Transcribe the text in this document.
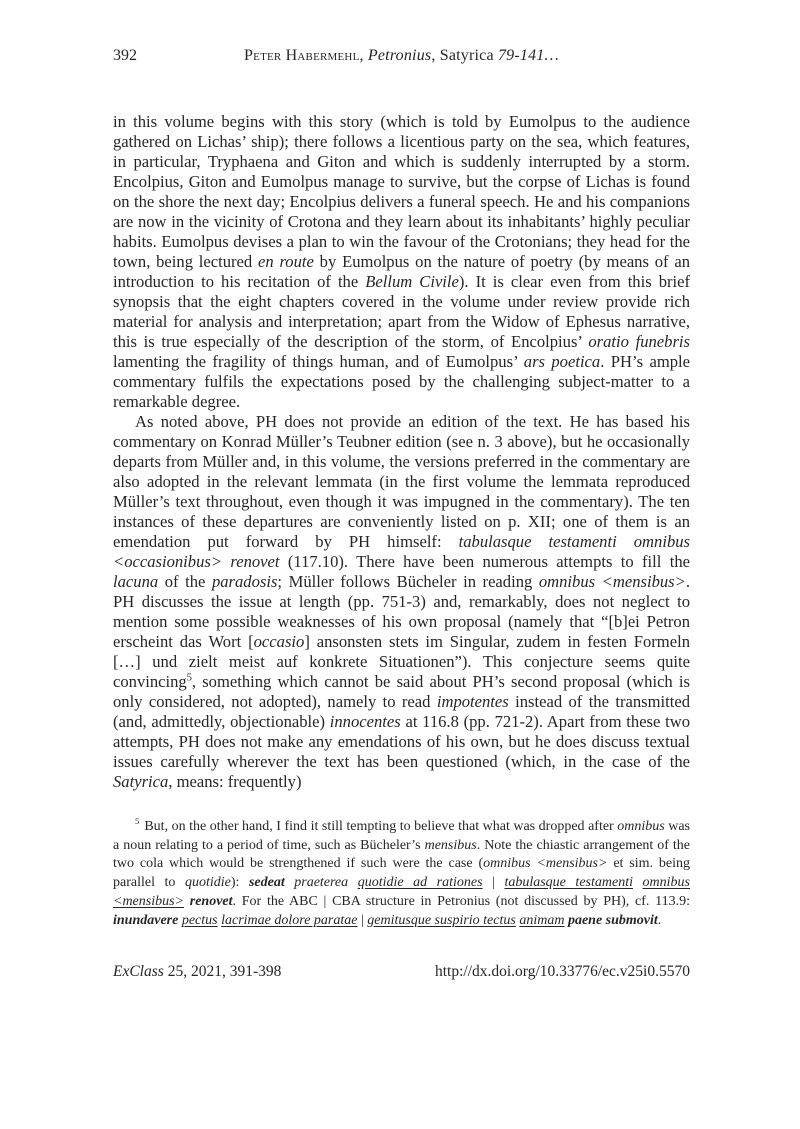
392	Peter Habermehl, Petronius, Satyrica 79-141…

in this volume begins with this story (which is told by Eumolpus to the audience gathered on Lichas’ ship); there follows a licentious party on the sea, which features, in particular, Tryphaena and Giton and which is suddenly interrupted by a storm. Encolpius, Giton and Eumolpus manage to survive, but the corpse of Lichas is found on the shore the next day; Encolpius delivers a funeral speech. He and his companions are now in the vicinity of Crotona and they learn about its inhabitants’ highly peculiar habits. Eumolpus devises a plan to win the favour of the Crotonians; they head for the town, being lectured en route by Eumolpus on the nature of poetry (by means of an introduction to his recitation of the Bellum Civile). It is clear even from this brief synopsis that the eight chapters covered in the volume under review provide rich material for analysis and interpretation; apart from the Widow of Ephesus narrative, this is true especially of the description of the storm, of Encolpius’ oratio funebris lamenting the fragility of things human, and of Eumolpus’ ars poetica. PH’s ample commentary fulfils the expectations posed by the challenging subject-matter to a remarkable degree.

As noted above, PH does not provide an edition of the text. He has based his commentary on Konrad Müller’s Teubner edition (see n. 3 above), but he occasionally departs from Müller and, in this volume, the versions preferred in the commentary are also adopted in the relevant lemmata (in the first volume the lemmata reproduced Müller’s text throughout, even though it was impugned in the commentary). The ten instances of these departures are conveniently listed on p. XII; one of them is an emendation put forward by PH himself: tabulasque testamenti omnibus <occasionibus> renovet (117.10). There have been numerous attempts to fill the lacuna of the paradosis; Müller follows Bücheler in reading omnibus <mensibus>. PH discusses the issue at length (pp. 751-3) and, remarkably, does not neglect to mention some possible weaknesses of his own proposal (namely that “[b]ei Petron erscheint das Wort [occasio] ansonsten stets im Singular, zudem in festen Formeln […] und zielt meist auf konkrete Situationen”). This conjecture seems quite convincing$^5$, something which cannot be said about PH’s second proposal (which is only considered, not adopted), namely to read impotentes instead of the transmitted (and, admittedly, objectionable) innocentes at 116.8 (pp. 721-2). Apart from these two attempts, PH does not make any emendations of his own, but he does discuss textual issues carefully wherever the text has been questioned (which, in the case of the Satyrica, means: frequently)

$^5$ But, on the other hand, I find it still tempting to believe that what was dropped after omnibus was a noun relating to a period of time, such as Bücheler’s mensibus. Note the chiastic arrangement of the two cola which would be strengthened if such were the case (omnibus <mensibus> et sim. being parallel to quotidie): sedeat praeterea quotidie ad rationes | tabulasque testamenti omnibus <mensibus> renovet. For the ABC | CBA structure in Petronius (not discussed by PH), cf. 113.9: inundavere pectus lacrimae dolore paratae | gemitusque suspirio tectus animam paene submovit.
ExClass 25, 2021, 391-398	http://dx.doi.org/10.33776/ec.v25i0.5570
